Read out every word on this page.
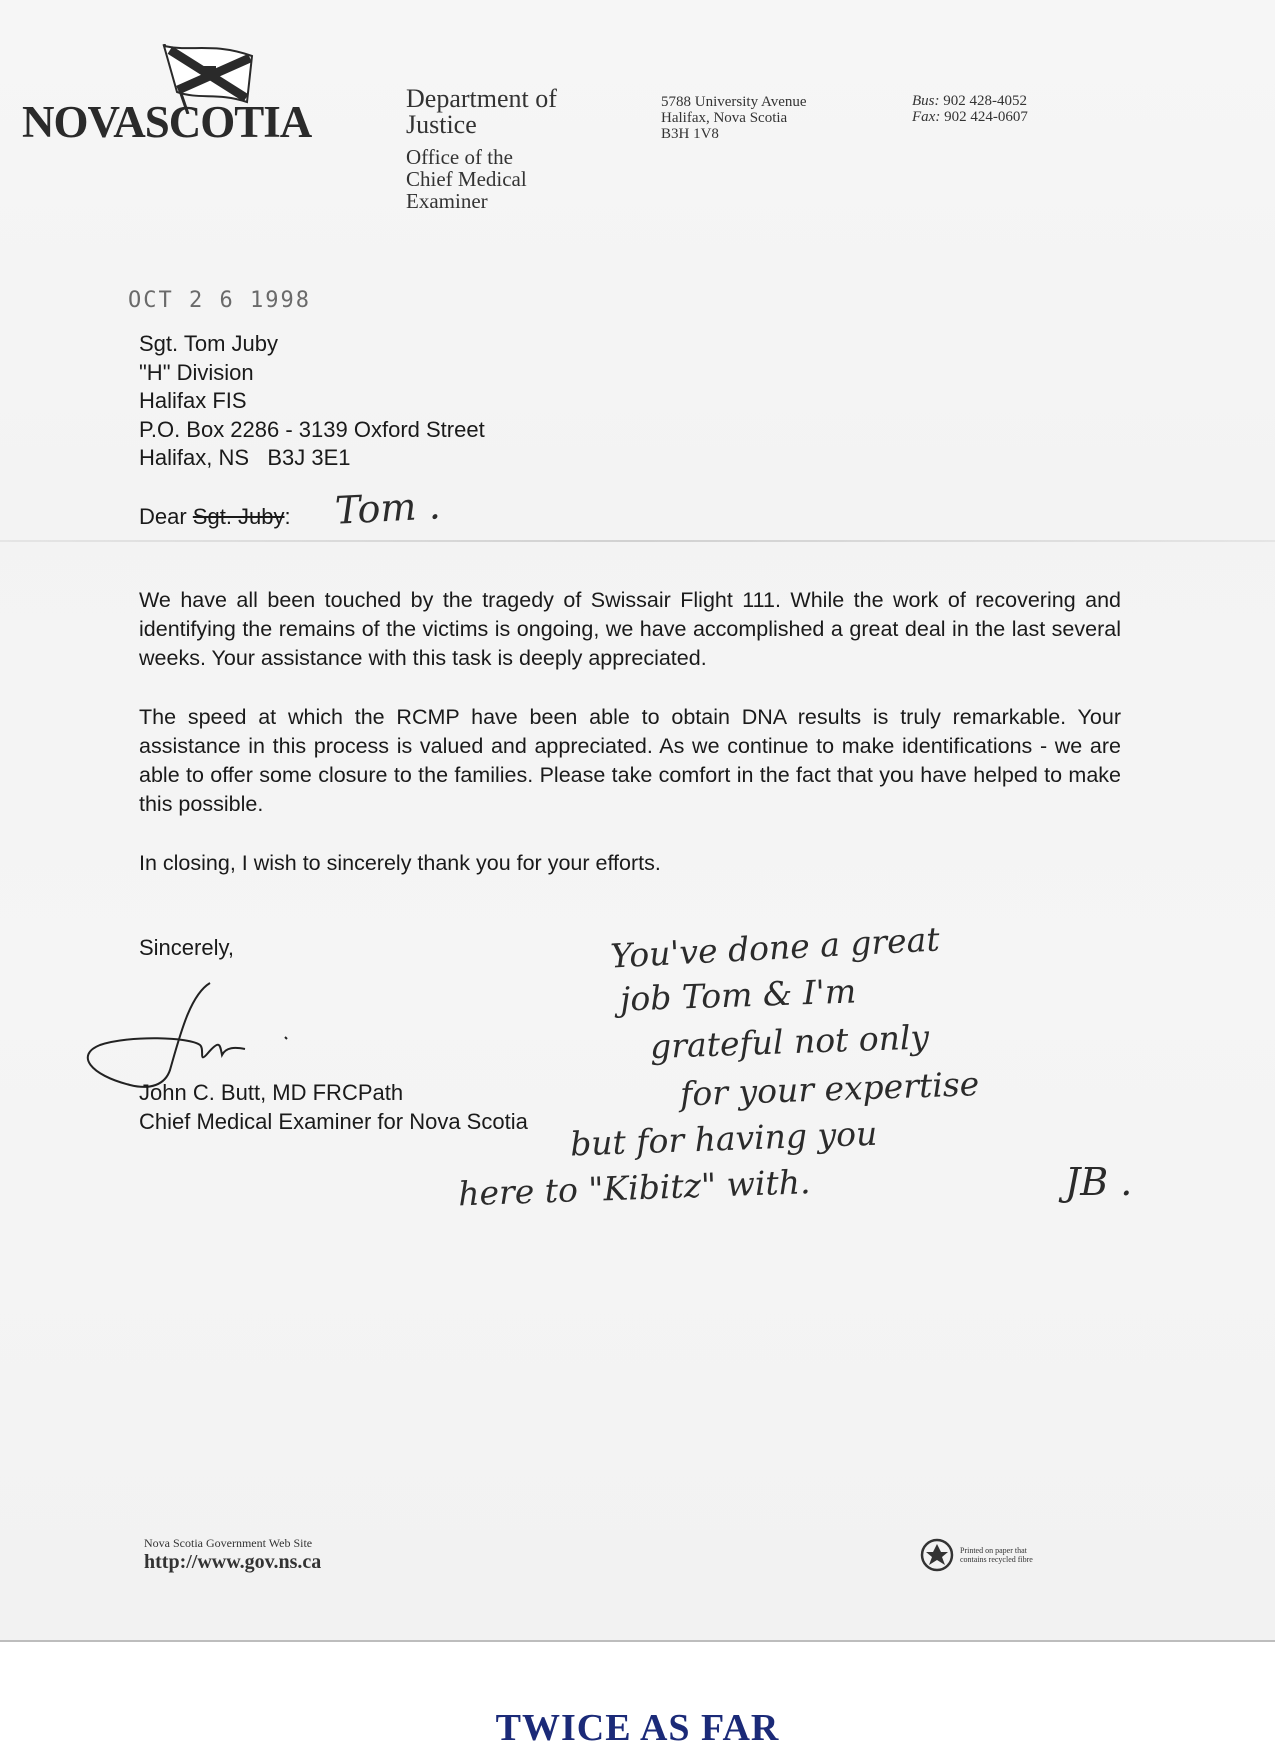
NOVASCOTIA	Department of
Justice
Office of the
Chief Medical
Examiner
5788 University Avenue
Halifax, Nova Scotia
B3H 1V8
Bus: 902 428-4052
Fax: 902 424-0607
OCT 2 6 1998
Sgt. Tom Juby
"H" Division
Halifax FIS
P.O. Box 2286 - 3139 Oxford Street
Halifax, NS   B3J 3E1
Dear Sgt. Juby: Tom .

We have all been touched by the tragedy of Swissair Flight 111. While the work of recovering and identifying the remains of the victims is ongoing, we have accomplished a great deal in the last several weeks. Your assistance with this task is deeply appreciated.

The speed at which the RCMP have been able to obtain DNA results is truly remarkable. Your assistance in this process is valued and appreciated. As we continue to make identifications - we are able to offer some closure to the families. Please take comfort in the fact that you have helped to make this possible.

In closing, I wish to sincerely thank you for your efforts.

Sincerely,
John C. Butt, MD FRCPath
Chief Medical Examiner for Nova Scotia
You've done a great
job Tom & I'm
grateful not only
for your expertise
but for having you
here to "Kibitz" with.	JB .
Nova Scotia Government Web Site
http://www.gov.ns.ca
Printed on paper that
contains recycled fibre
TWICE AS FAR
